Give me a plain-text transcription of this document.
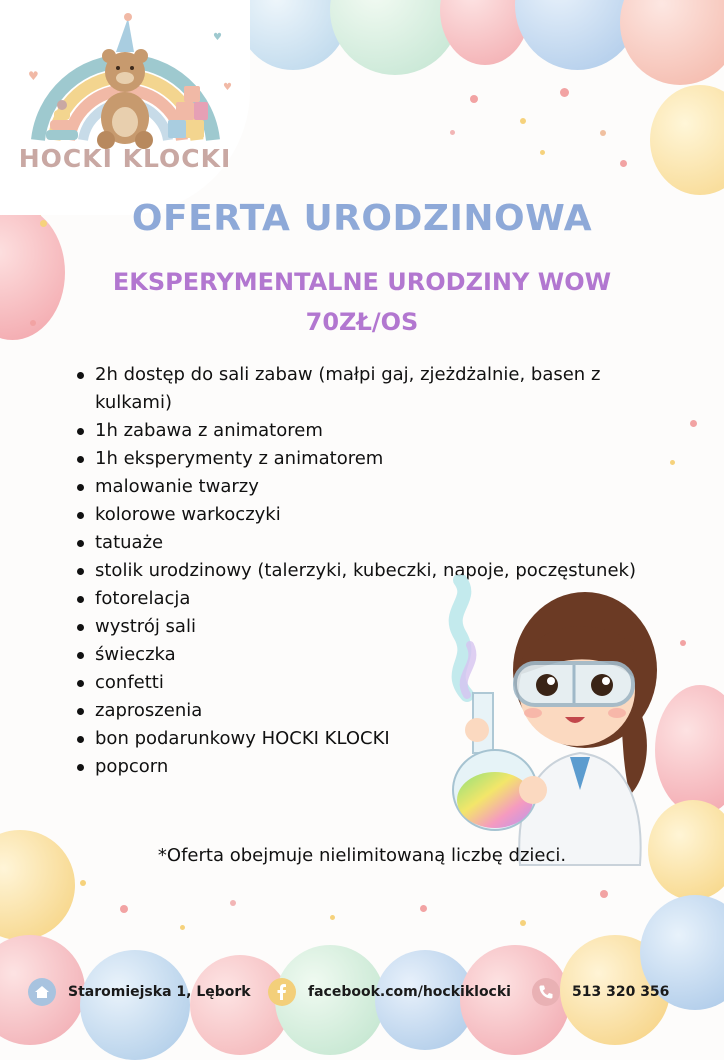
♥
♥
♥
HOCKI KLOCKI
OFERTA URODZINOWA
EKSPERYMENTALNE URODZINY WOW
70ZŁ/OS
2h dostęp do sali zabaw (małpi gaj, zjeżdżalnie, basen z kulkami)
1h zabawa z animatorem
1h eksperymenty z animatorem
malowanie twarzy
kolorowe warkoczyki
tatuaże
stolik urodzinowy (talerzyki, kubeczki, napoje, poczęstunek)
fotorelacja
wystrój sali
świeczka
confetti
zaproszenia
bon podarunkowy HOCKI KLOCKI
popcorn
*Oferta obejmuje nielimitowaną liczbę dzieci.
Staromiejska 1, Lębork	facebook.com/hockiklocki	513 320 356
